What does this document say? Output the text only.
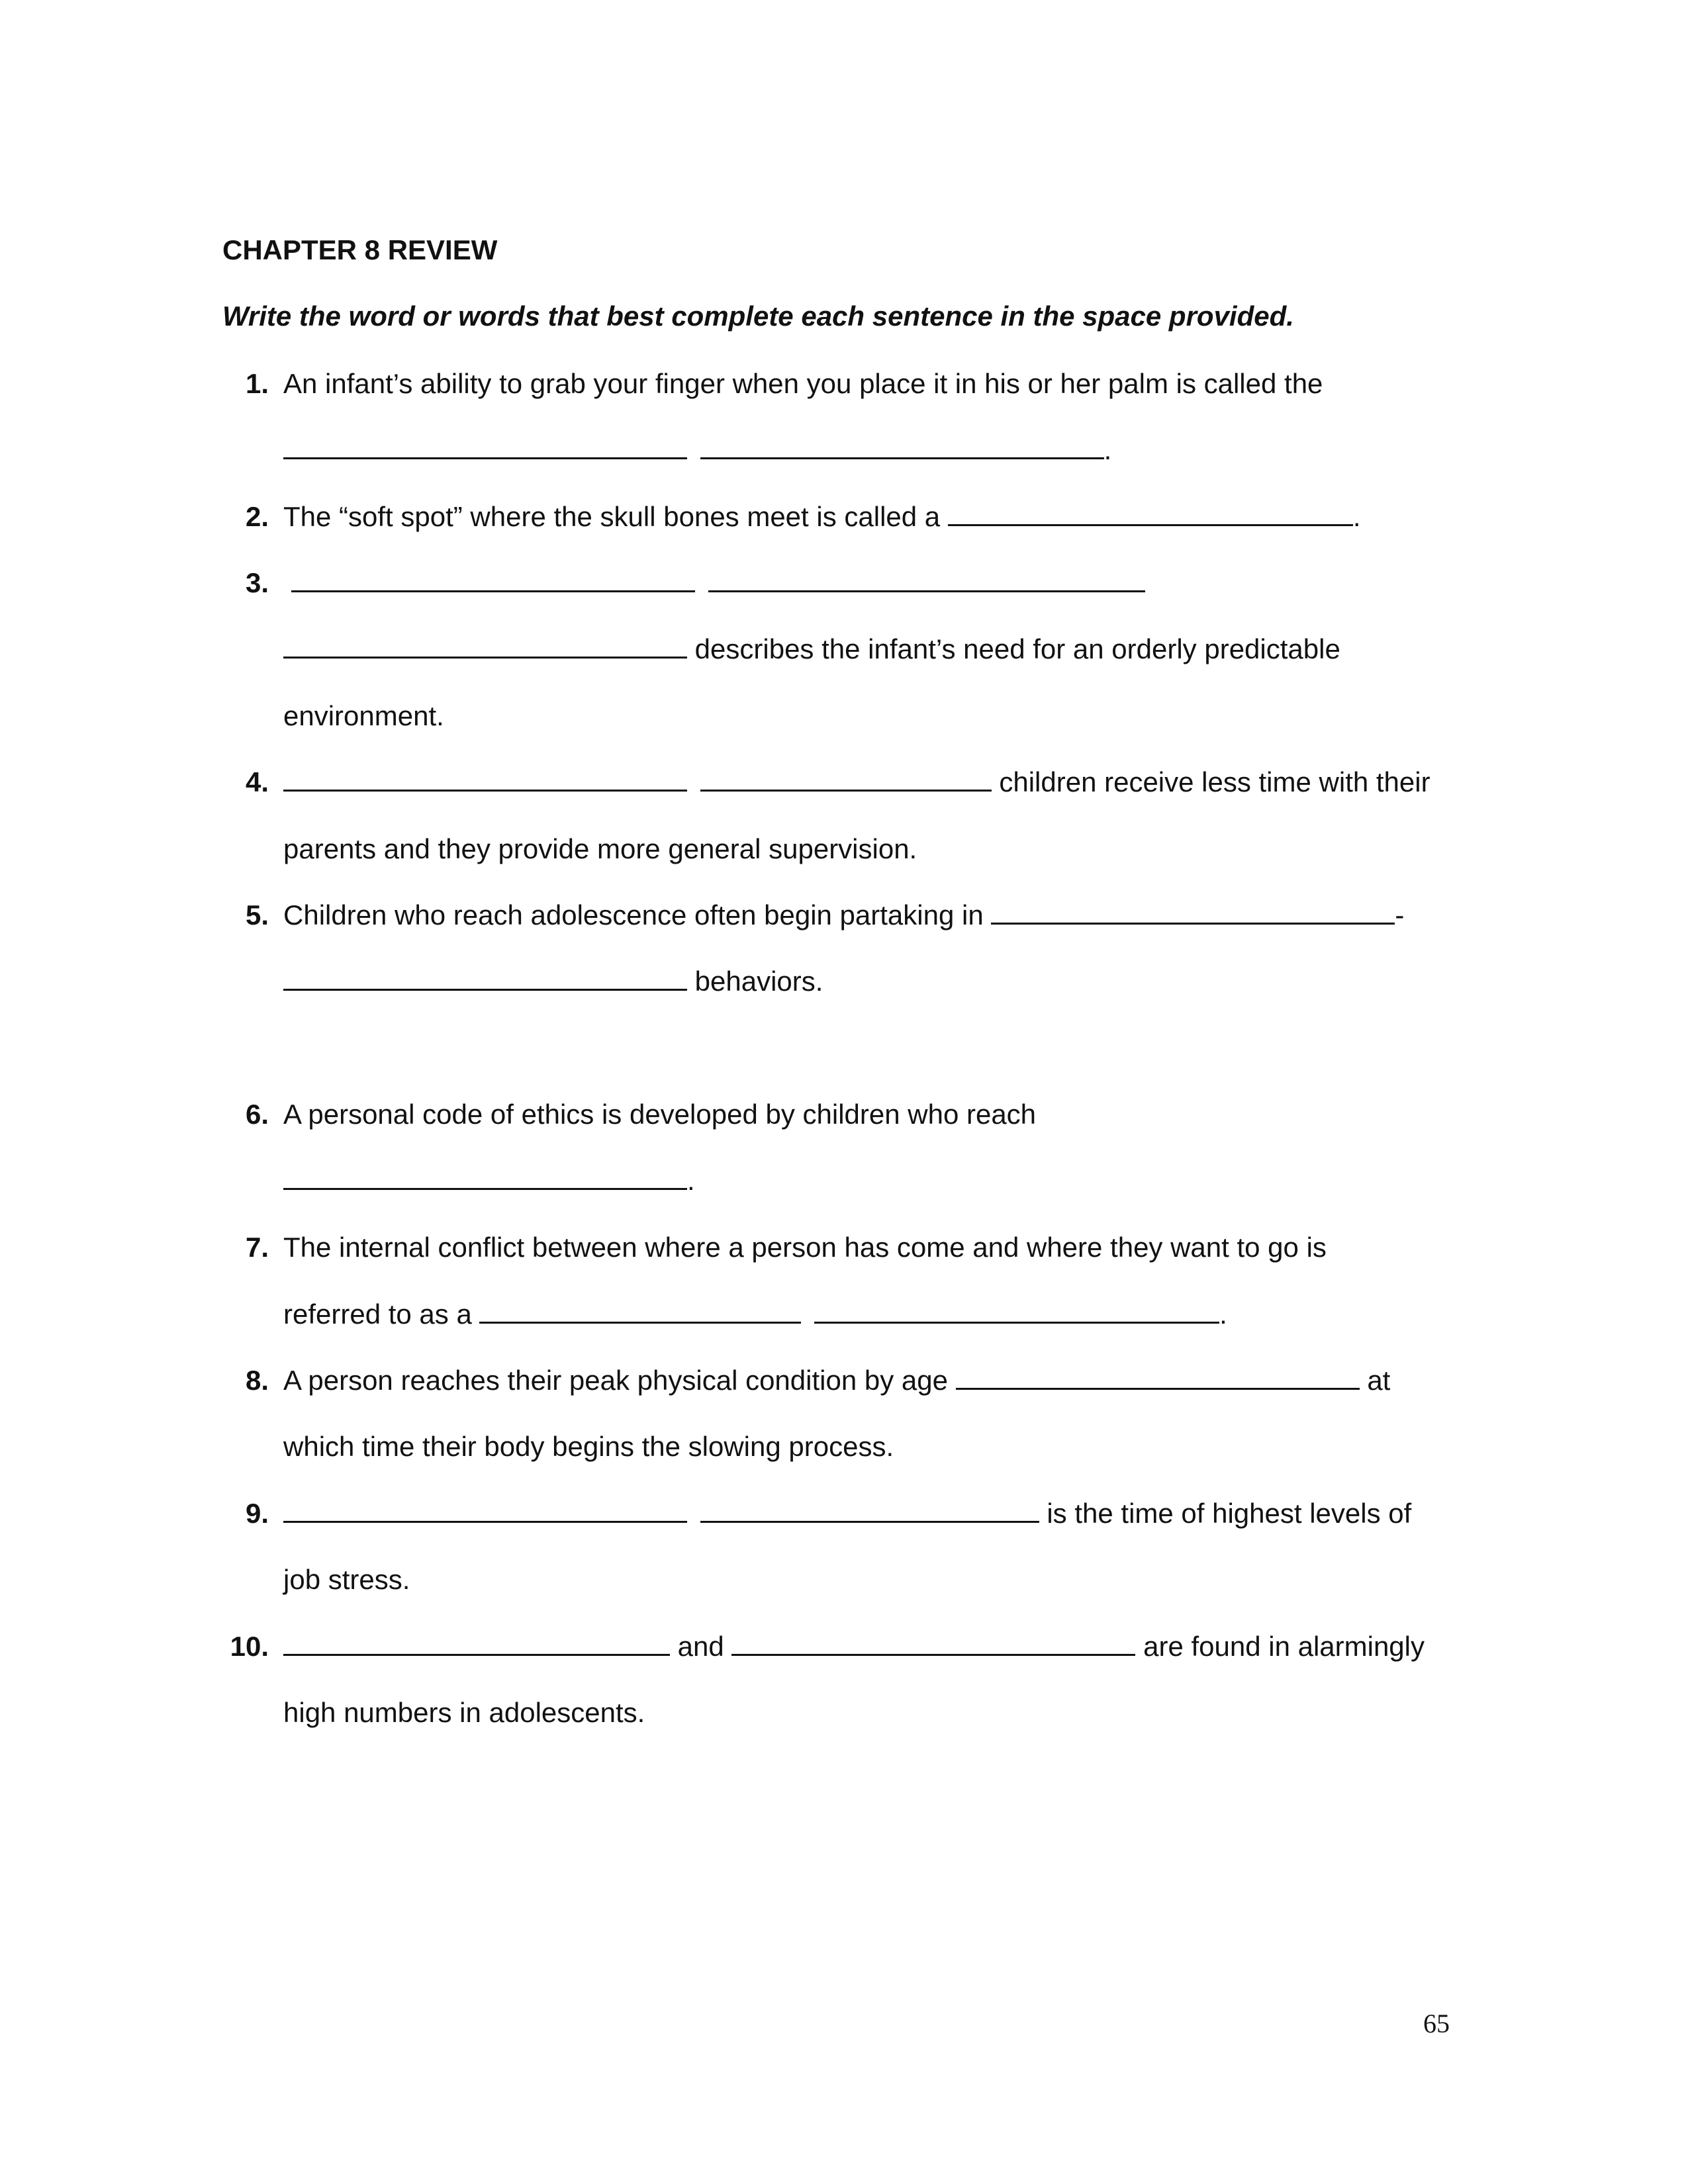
CHAPTER 8 REVIEW
Write the word or words that best complete each sentence in the space provided.
1. An infant’s ability to grab your finger when you place it in his or her palm is called the
.
2. The “soft spot” where the skull bones meet is called a	.
3.

describes the infant’s need for an orderly predictable
environment.
4.	children receive less time with their
parents and they provide more general supervision.
5. Children who reach adolescence often begin partaking in	-
behaviors.
6. A personal code of ethics is developed by children who reach
.
7. The internal conflict between where a person has come and where they want to go is
referred to as a	.
8. A person reaches their peak physical condition by age	at
which time their body begins the slowing process.
9.	is the time of highest levels of
job stress.
10.	and	are found in alarmingly
high numbers in adolescents.
65
